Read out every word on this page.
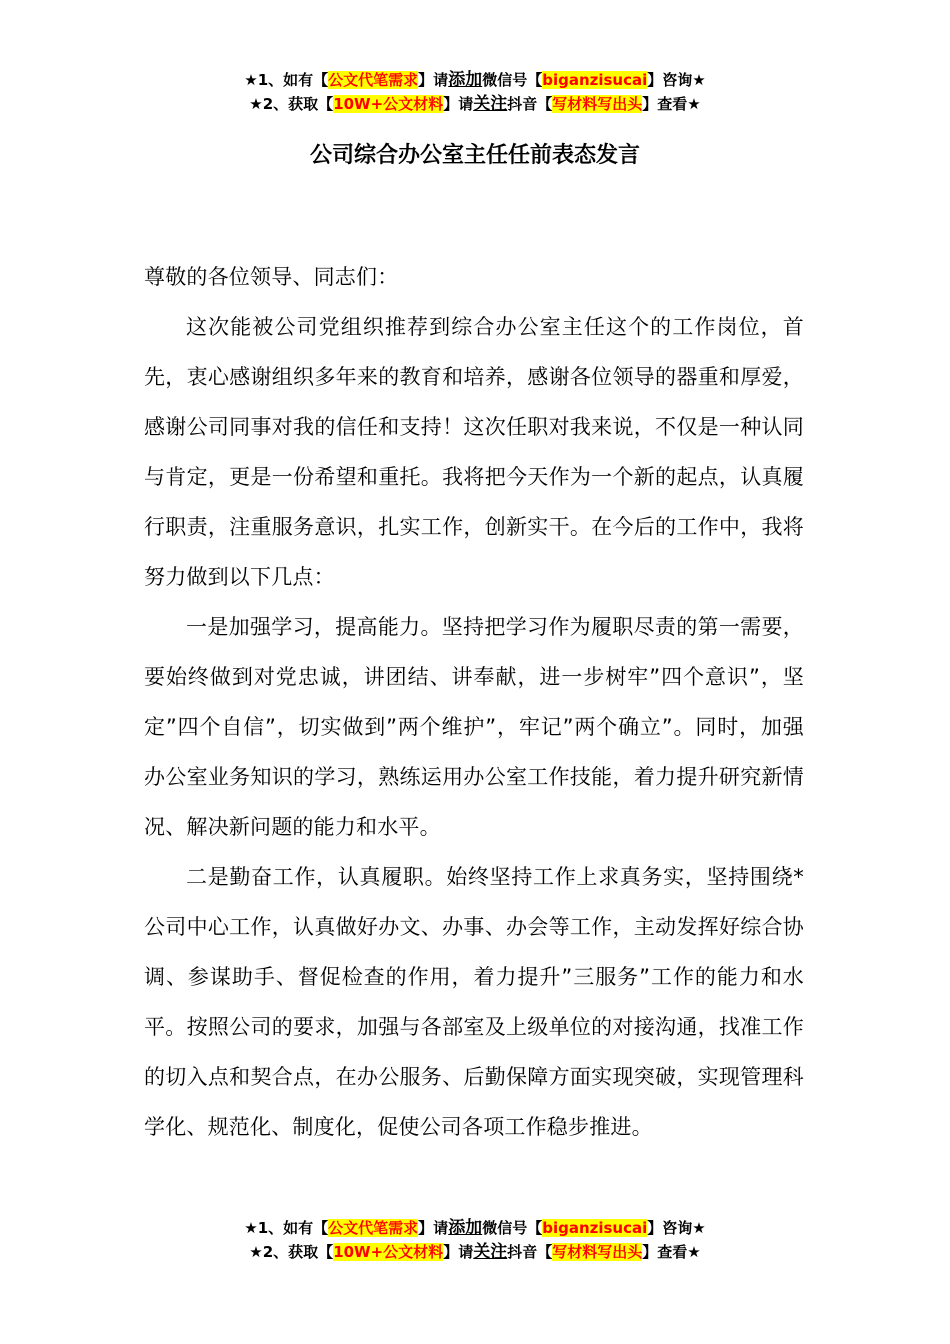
★1、如有【公文代笔需求】请添加微信号【biganzisucai】咨询★
★2、获取【10W+公文材料】请关注抖音【写材料写出头】查看★
公司综合办公室主任任前表态发言

尊敬的各位领导、同志们：

这次能被公司党组织推荐到综合办公室主任这个的工作岗位，首先，衷心感谢组织多年来的教育和培养，感谢各位领导的器重和厚爱，感谢公司同事对我的信任和支持！这次任职对我来说，不仅是一种认同与肯定，更是一份希望和重托。我将把今天作为一个新的起点，认真履行职责，注重服务意识，扎实工作，创新实干。在今后的工作中，我将努力做到以下几点：

一是加强学习，提高能力。坚持把学习作为履职尽责的第一需要，要始终做到对党忠诚，讲团结、讲奉献，进一步树牢”四个意识”，坚定”四个自信”，切实做到”两个维护”，牢记”两个确立”。同时，加强办公室业务知识的学习，熟练运用办公室工作技能，着力提升研究新情况、解决新问题的能力和水平。

二是勤奋工作，认真履职。始终坚持工作上求真务实，坚持围绕*公司中心工作，认真做好办文、办事、办会等工作，主动发挥好综合协调、参谋助手、督促检查的作用，着力提升”三服务”工作的能力和水平。按照公司的要求，加强与各部室及上级单位的对接沟通，找准工作的切入点和契合点，在办公服务、后勤保障方面实现突破，实现管理科学化、规范化、制度化，促使公司各项工作稳步推进。

★1、如有【公文代笔需求】请添加微信号【biganzisucai】咨询★
★2、获取【10W+公文材料】请关注抖音【写材料写出头】查看★
